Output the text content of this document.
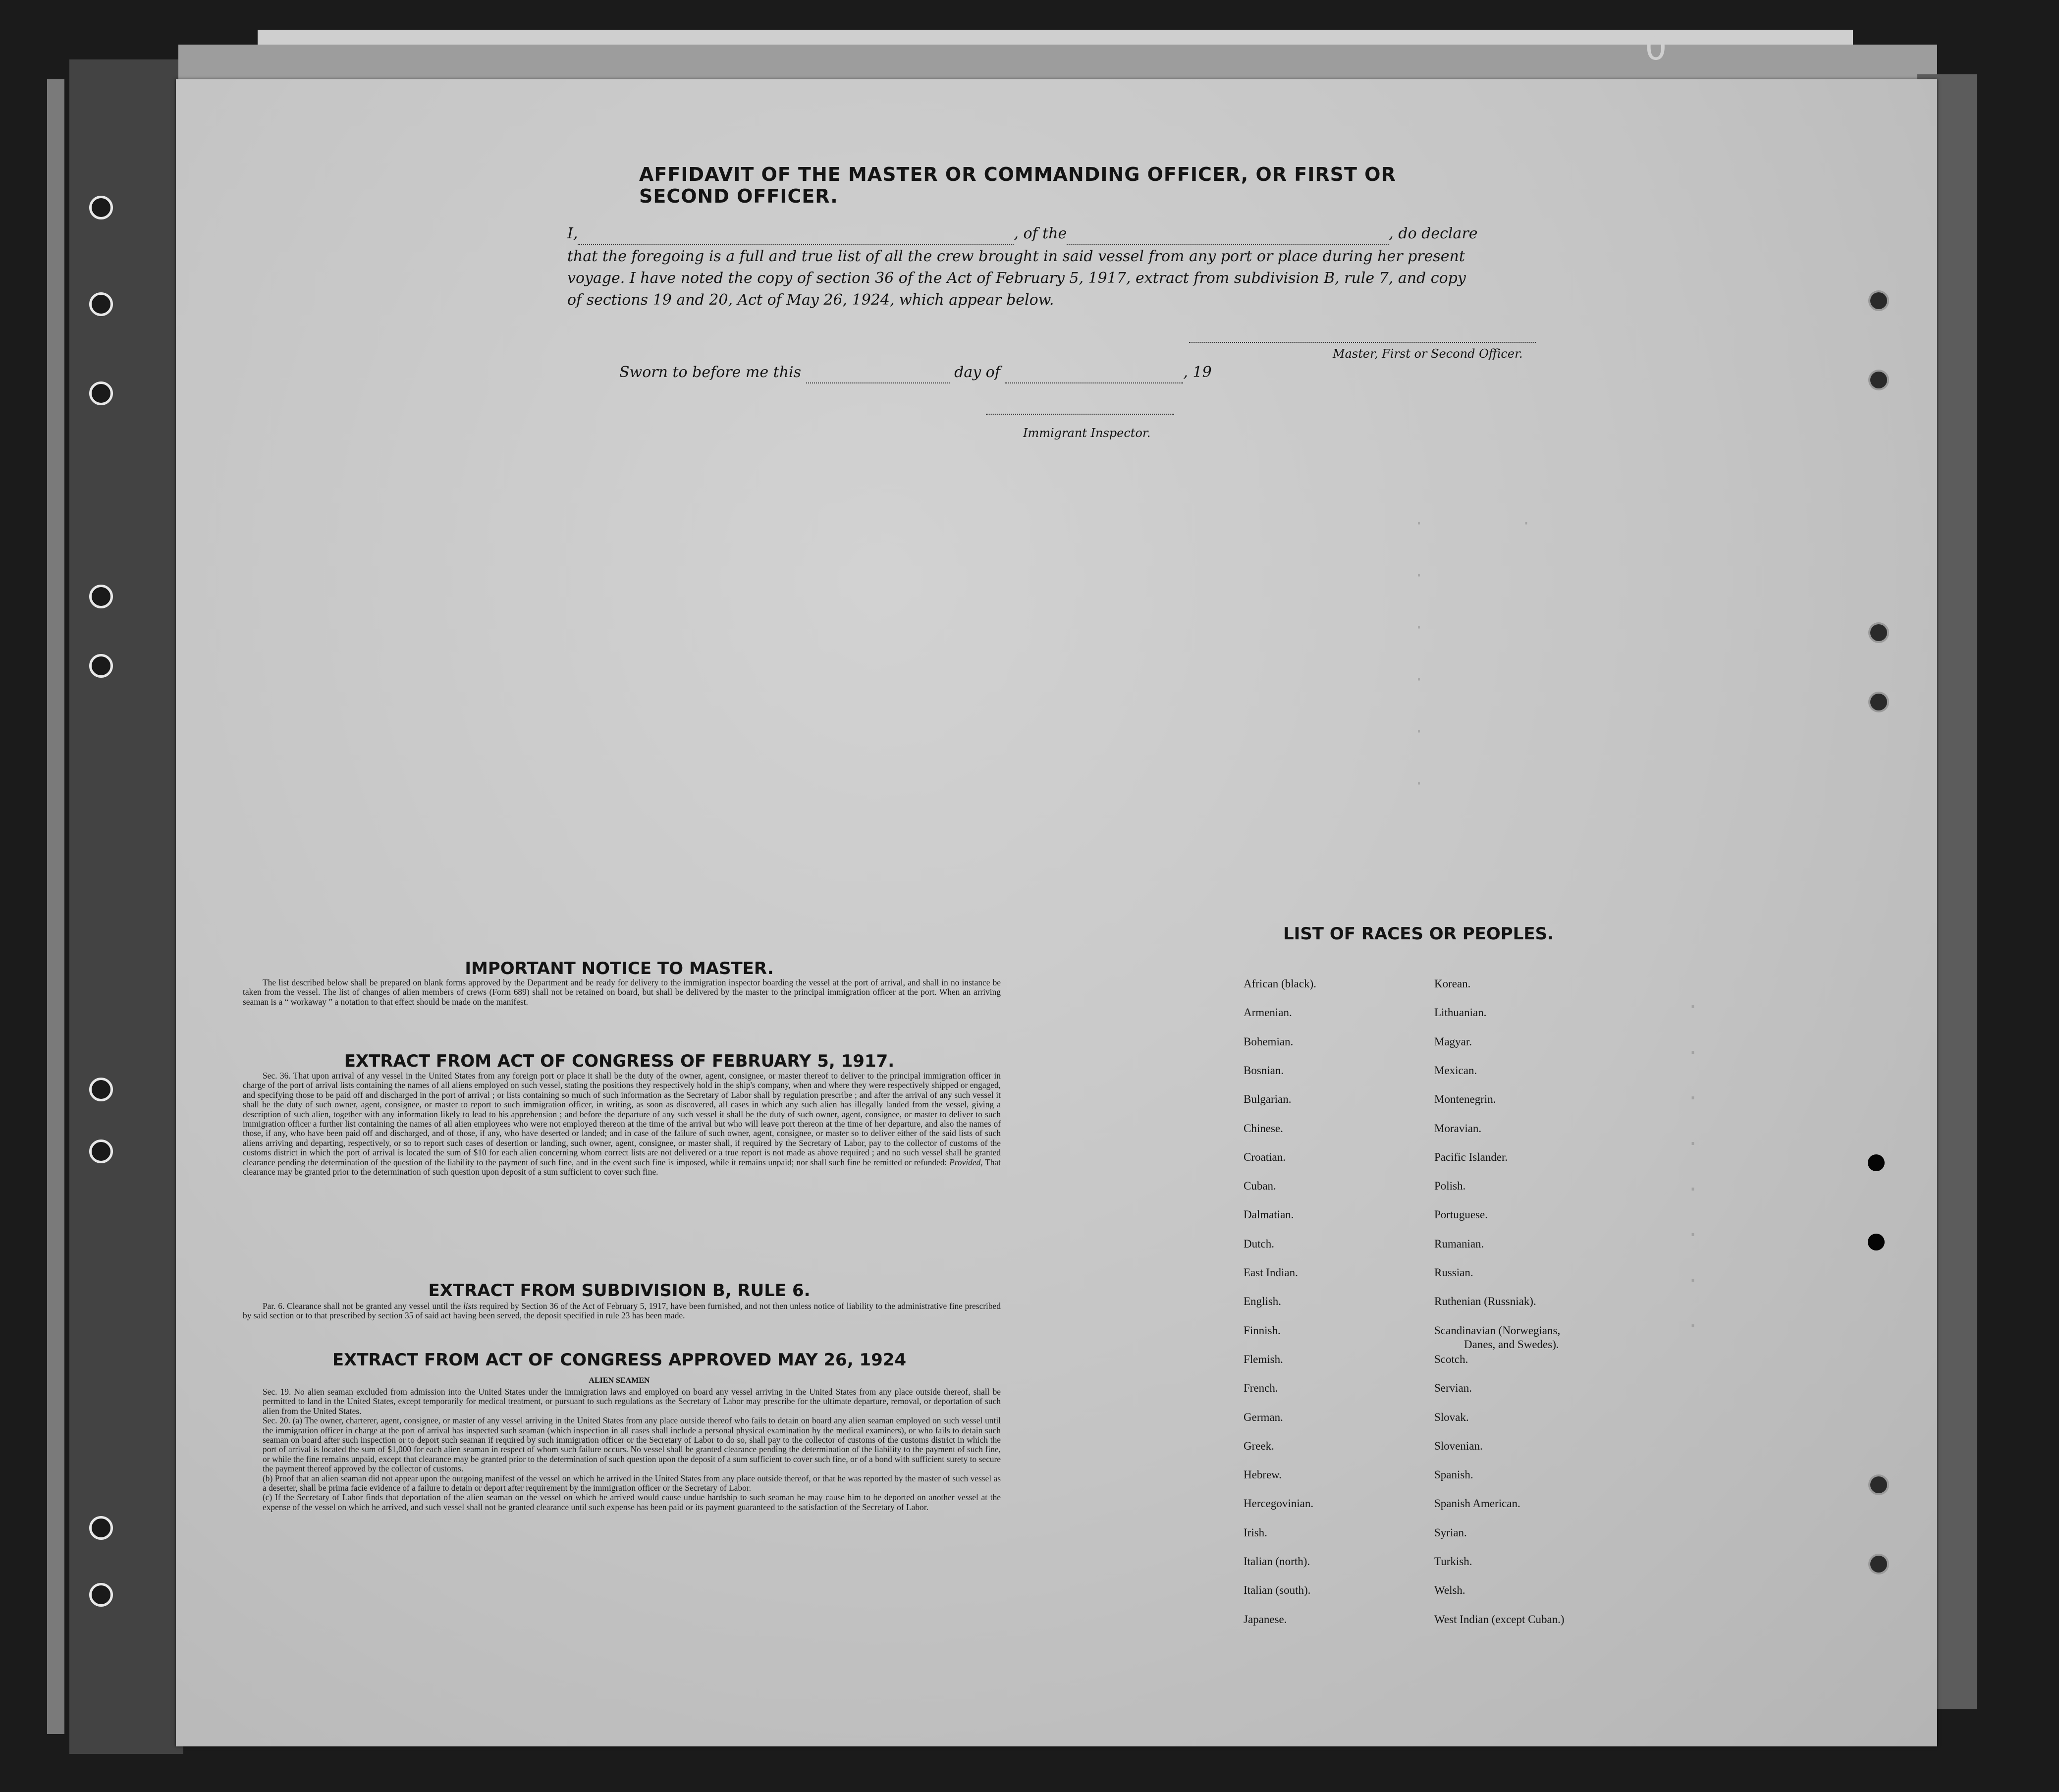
·        ·

·

·

·

·

·
·

·

·

·

·

·

·

·
AFFIDAVIT OF THE MASTER OR COMMANDING OFFICER, OR FIRST OR SECOND OFFICER.
I,	, of the	, do declare
that the foregoing is a full and true list of all the crew brought in said vessel from any port or place during her present
voyage. I have noted the copy of section 36 of the Act of February 5, 1917, extract from subdivision B, rule 7, and copy
of sections 19 and 20, Act of May 26, 1924, which appear below.
Master, First or Second Officer.
Sworn to before me this	day of	, 19
Immigrant Inspector.
IMPORTANT NOTICE TO MASTER.
The list described below shall be prepared on blank forms approved by the Department and be ready for delivery to the immigration inspector boarding the vessel at the port of arrival, and shall in no instance be taken from the vessel. The list of changes of alien members of crews (Form 689) shall not be retained on board, but shall be delivered by the master to the principal immigration officer at the port. When an arriving seaman is a “ workaway ” a notation to that effect should be made on the manifest.
EXTRACT FROM ACT OF CONGRESS OF FEBRUARY 5, 1917.
Sec. 36. That upon arrival of any vessel in the United States from any foreign port or place it shall be the duty of the owner, agent, consignee, or master thereof to deliver to the principal immigration officer in charge of the port of arrival lists containing the names of all aliens employed on such vessel, stating the positions they respectively hold in the ship's company, when and where they were respectively shipped or engaged, and specifying those to be paid off and discharged in the port of arrival ; or lists containing so much of such information as the Secretary of Labor shall by regulation prescribe ; and after the arrival of any such vessel it shall be the duty of such owner, agent, consignee, or master to report to such immigration officer, in writing, as soon as discovered, all cases in which any such alien has illegally landed from the vessel, giving a description of such alien, together with any information likely to lead to his apprehension ; and before the departure of any such vessel it shall be the duty of such owner, agent, consignee, or master to deliver to such immigration officer a further list containing the names of all alien employees who were not employed thereon at the time of the arrival but who will leave port thereon at the time of her departure, and also the names of those, if any, who have been paid off and discharged, and of those, if any, who have deserted or landed; and in case of the failure of such owner, agent, consignee, or master so to deliver either of the said lists of such aliens arriving and departing, respectively, or so to report such cases of desertion or landing, such owner, agent, consignee, or master shall, if required by the Secretary of Labor, pay to the collector of customs of the customs district in which the port of arrival is located the sum of $10 for each alien concerning whom correct lists are not delivered or a true report is not made as above required ; and no such vessel shall be granted clearance pending the determination of the question of the liability to the payment of such fine, and in the event such fine is imposed, while it remains unpaid; nor shall such fine be remitted or refunded: Provided, That clearance may be granted prior to the determination of such question upon deposit of a sum sufficient to cover such fine.
EXTRACT FROM SUBDIVISION B, RULE 6.
Par. 6. Clearance shall not be granted any vessel until the lists required by Section 36 of the Act of February 5, 1917, have been furnished, and not then unless notice of liability to the administrative fine prescribed by said section or to that prescribed by section 35 of said act having been served, the deposit specified in rule 23 has been made.
EXTRACT FROM ACT OF CONGRESS APPROVED MAY 26, 1924
ALIEN SEAMEN
Sec. 19. No alien seaman excluded from admission into the United States under the immigration laws and employed on board any vessel arriving in the United States from any place outside thereof, shall be permitted to land in the United States, except temporarily for medical treatment, or pursuant to such regulations as the Secretary of Labor may prescribe for the ultimate departure, removal, or deportation of such alien from the United States.
Sec. 20. (a) The owner, charterer, agent, consignee, or master of any vessel arriving in the United States from any place outside thereof who fails to detain on board any alien seaman employed on such vessel until the immigration officer in charge at the port of arrival has inspected such seaman (which inspection in all cases shall include a personal physical examination by the medical examiners), or who fails to detain such seaman on board after such inspection or to deport such seaman if required by such immigration officer or the Secretary of Labor to do so, shall pay to the collector of customs of the customs district in which the port of arrival is located the sum of $1,000 for each alien seaman in respect of whom such failure occurs. No vessel shall be granted clearance pending the determination of the liability to the payment of such fine, or while the fine remains unpaid, except that clearance may be granted prior to the determination of such question upon the deposit of a sum sufficient to cover such fine, or of a bond with sufficient surety to secure the payment thereof approved by the collector of customs.
(b) Proof that an alien seaman did not appear upon the outgoing manifest of the vessel on which he arrived in the United States from any place outside thereof, or that he was reported by the master of such vessel as a deserter, shall be prima facie evidence of a failure to detain or deport after requirement by the immigration officer or the Secretary of Labor.
(c) If the Secretary of Labor finds that deportation of the alien seaman on the vessel on which he arrived would cause undue hardship to such seaman he may cause him to be deported on another vessel at the expense of the vessel on which he arrived, and such vessel shall not be granted clearance until such expense has been paid or its payment guaranteed to the satisfaction of the Secretary of Labor.
LIST OF RACES OR PEOPLES.
African (black).
Armenian.
Bohemian.
Bosnian.
Bulgarian.
Chinese.
Croatian.
Cuban.
Dalmatian.
Dutch.
East Indian.
English.
Finnish.
Flemish.
French.
German.
Greek.
Hebrew.
Hercegovinian.
Irish.
Italian (north).
Italian (south).
Japanese.
Korean.
Lithuanian.
Magyar.
Mexican.
Montenegrin.
Moravian.
Pacific Islander.
Polish.
Portuguese.
Rumanian.
Russian.
Ruthenian (Russniak).
Scandinavian (Norwegians,
Danes, and Swedes).
Scotch.
Servian.
Slovak.
Slovenian.
Spanish.
Spanish American.
Syrian.
Turkish.
Welsh.
West Indian (except Cuban.)
0
